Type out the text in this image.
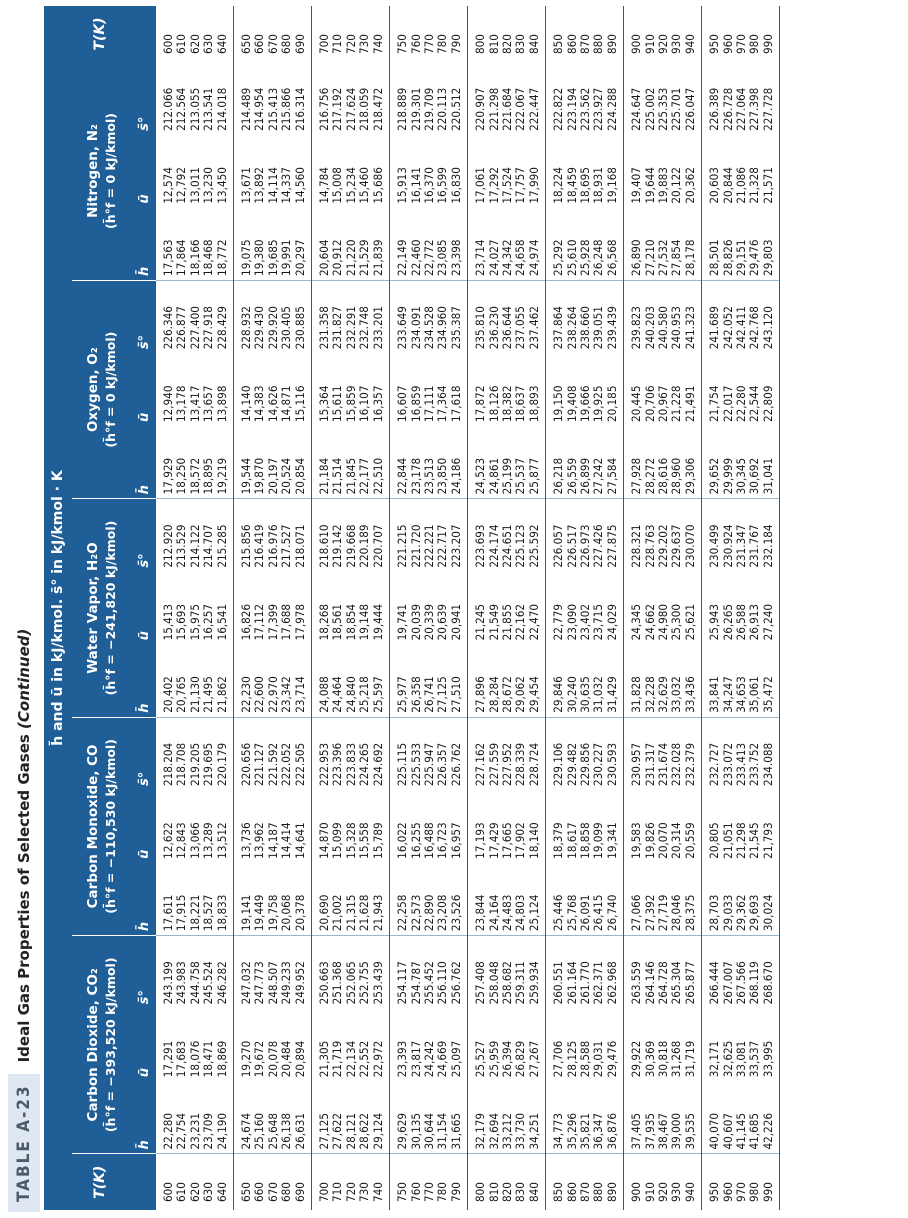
TABLE A-23
Ideal Gas Properties of Selected Gases (Continued)
T(K)	h̄ and ū in kJ/kmol. s̄° in kJ/kmol · K															T(K)
	Carbon Dioxide, CO₂ (h̄°f = −393,520 kJ/kmol)			Carbon Monoxide, CO (h̄°f = −110,530 kJ/kmol)			Water Vapor, H₂O (h̄°f = −241,820 kJ/kmol)			Oxygen, O₂ (h̄°f = 0 kJ/kmol)			Nitrogen, N₂ (h̄°f = 0 kJ/kmol)			

	h̄	ū	s̄°	h̄	ū	s̄°	h̄	ū	s̄°	h̄	ū	s̄°	h̄	ū	s̄°	
600	22,280	17,291	243.199	17,611	12,622	218.204	20,402	15,413	212.920	17,929	12,940	226.346	17,563	12,574	212.066	600
610	22,754	17,683	243.983	17,915	12,843	218.708	20,765	15,693	213.529	18,250	13,178	226.877	17,864	12,792	212.564	610
620	23,231	18,076	244.758	18,221	13,066	219.205	21,130	15,975	214.122	18,572	13,417	227.400	18,166	13,011	213.055	620
630	23,709	18,471	245.524	18,527	13,289	219.695	21,495	16,257	214.707	18,895	13,657	227.918	18,468	13,230	213.541	630
640	24,190	18,869	246.282	18,833	13,512	220.179	21,862	16,541	215.285	19,219	13,898	228.429	18,772	13,450	214.018	640
650	24,674	19,270	247.032	19,141	13,736	220.656	22,230	16,826	215.856	19,544	14,140	228.932	19,075	13,671	214.489	650
660	25,160	19,672	247.773	19,449	13,962	221.127	22,600	17,112	216.419	19,870	14,383	229.430	19,380	13,892	214.954	660
670	25,648	20,078	248.507	19,758	14,187	221.592	22,970	17,399	216.976	20,197	14,626	229.920	19,685	14,114	215.413	670
680	26,138	20,484	249.233	20,068	14,414	222.052	23,342	17,688	217.527	20,524	14,871	230.405	19,991	14,337	215.866	680
690	26,631	20,894	249.952	20,378	14,641	222.505	23,714	17,978	218.071	20,854	15,116	230.885	20,297	14,560	216.314	690
700	27,125	21,305	250.663	20,690	14,870	222.953	24,088	18,268	218.610	21,184	15,364	231.358	20,604	14,784	216.756	700
710	27,622	21,719	251.368	21,002	15,099	223.396	24,464	18,561	219.142	21,514	15,611	231.827	20,912	15,008	217.192	710
720	28,121	22,134	252.065	21,315	15,328	223.833	24,840	18,854	219.668	21,845	15,859	232.291	21,220	15,234	217.624	720
730	28,622	22,552	252.755	21,628	15,558	224.265	25,218	19,148	220.189	22,177	16,107	232.748	21,529	15,460	218.059	730
740	29,124	22,972	253.439	21,943	15,789	224.692	25,597	19,444	220.707	22,510	16,357	233.201	21,839	15,686	218.472	740
750	29,629	23,393	254.117	22,258	16,022	225.115	25,977	19,741	221.215	22,844	16,607	233.649	22,149	15,913	218.889	750
760	30,135	23,817	254.787	22,573	16,255	225.533	26,358	20,039	221.720	23,178	16,859	234.091	22,460	16,141	219.301	760
770	30,644	24,242	255.452	22,890	16,488	225.947	26,741	20,339	222.221	23,513	17,111	234.528	22,772	16,370	219.709	770
780	31,154	24,669	256.110	23,208	16,723	226.357	27,125	20,639	222.717	23,850	17,364	234.960	23,085	16,599	220.113	780
790	31,665	25,097	256.762	23,526	16,957	226.762	27,510	20,941	223.207	24,186	17,618	235.387	23,398	16,830	220.512	790
800	32,179	25,527	257.408	23,844	17,193	227.162	27,896	21,245	223.693	24,523	17,872	235.810	23,714	17,061	220.907	800
810	32,694	25,959	258.048	24,164	17,429	227.559	28,284	21,549	224.174	24,861	18,126	236.230	24,027	17,292	221.298	810
820	33,212	26,394	258.682	24,483	17,665	227.952	28,672	21,855	224.651	25,199	18,382	236.644	24,342	17,524	221.684	820
830	33,730	26,829	259.311	24,803	17,902	228.339	29,062	22,162	225.123	25,537	18,637	237.055	24,658	17,757	222.067	830
840	34,251	27,267	259.934	25,124	18,140	228.724	29,454	22,470	225.592	25,877	18,893	237.462	24,974	17,990	222.447	840
850	34,773	27,706	260.551	25,446	18,379	229.106	29,846	22,779	226.057	26,218	19,150	237.864	25,292	18,224	222.822	850
860	35,296	28,125	261.164	25,768	18,617	229.482	30,240	23,090	226.517	26,559	19,408	238.264	25,610	18,459	223.194	860
870	35,821	28,588	261.770	26,091	18,858	229.856	30,635	23,402	226.973	26,899	19,666	238.660	25,928	18,695	223.562	870
880	36,347	29,031	262.371	26,415	19,099	230.227	31,032	23,715	227.426	27,242	19,925	239.051	26,248	18,931	223.927	880
890	36,876	29,476	262.968	26,740	19,341	230.593	31,429	24,029	227.875	27,584	20,185	239.439	26,568	19,168	224.288	890
900	37,405	29,922	263.559	27,066	19,583	230.957	31,828	24,345	228.321	27,928	20,445	239.823	26,890	19,407	224.647	900
910	37,935	30,369	264.146	27,392	19,826	231.317	32,228	24,662	228.763	28,272	20,706	240.203	27,210	19,644	225.002	910
920	38,467	30,818	264.728	27,719	20,070	231.674	32,629	24,980	229.202	28,616	20,967	240.580	27,532	19,883	225.353	920
930	39,000	31,268	265.304	28,046	20,314	232.028	33,032	25,300	229.637	28,960	21,228	240.953	27,854	20,122	225.701	930
940	39,535	31,719	265.877	28,375	20,559	232.379	33,436	25,621	230.070	29,306	21,491	241.323	28,178	20,362	226.047	940
950	40,070	32,171	266.444	28,703	20,805	232.727	33,841	25,943	230.499	29,652	21,754	241.689	28,501	20,603	226.389	950
960	40,607	32,625	267.007	29,033	21,051	233.072	34,247	26,265	230.924	29,999	22,017	242.052	28,826	20,844	226.728	960
970	41,145	33,081	267.566	29,362	21,298	233.413	34,653	26,588	231.347	30,345	22,280	242.411	29,151	21,086	227.064	970
980	41,685	33,537	268.119	29,693	21,545	233.752	35,061	26,913	231.767	30,692	22,544	242.768	29,476	21,328	227.398	980
990	42,226	33,995	268.670	30,024	21,793	234.088	35,472	27,240	232.184	31,041	22,809	243.120	29,803	21,571	227.728	990
